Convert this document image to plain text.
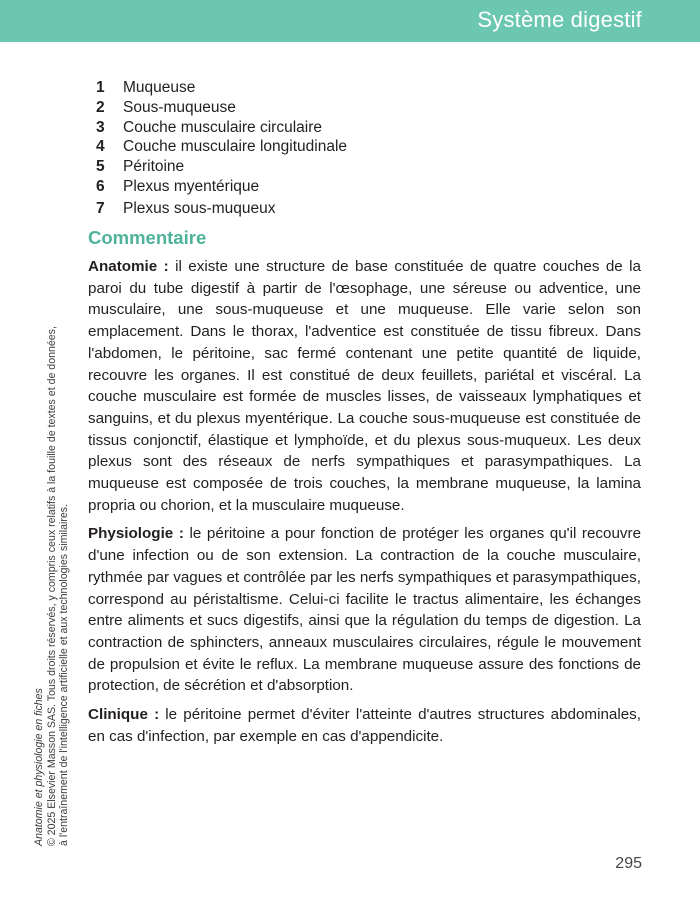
Système digestif
1	Muqueuse
2	Sous-muqueuse
3	Couche musculaire circulaire
4	Couche musculaire longitudinale
5	Péritoine
6	Plexus myentérique
7	Plexus sous-muqueux
Commentaire

Anatomie : il existe une structure de base constituée de quatre couches de la paroi du tube digestif à partir de l'œsophage, une séreuse ou adventice, une musculaire, une sous-muqueuse et une muqueuse. Elle varie selon son emplacement. Dans le thorax, l'adventice est constituée de tissu fibreux. Dans l'abdomen, le péritoine, sac fermé contenant une petite quantité de liquide, recouvre les organes. Il est constitué de deux feuillets, pariétal et viscéral. La couche musculaire est formée de muscles lisses, de vaisseaux lymphatiques et sanguins, et du plexus myentérique. La couche sous-muqueuse est constituée de tissus conjonctif, élastique et lymphoïde, et du plexus sous-muqueux. Les deux plexus sont des réseaux de nerfs sympathiques et parasympathiques. La muqueuse est composée de trois couches, la membrane muqueuse, la lamina propria ou chorion, et la musculaire muqueuse.

Physiologie : le péritoine a pour fonction de protéger les organes qu'il recouvre d'une infection ou de son extension. La contraction de la couche musculaire, rythmée par vagues et contrôlée par les nerfs sympathiques et parasympathiques, correspond au péristaltisme. Celui-ci facilite le tractus alimentaire, les échanges entre aliments et sucs digestifs, ainsi que la régulation du temps de digestion. La contraction de sphincters, anneaux musculaires circulaires, régule le mouvement de propulsion et évite le reflux. La membrane muqueuse assure des fonctions de protection, de sécrétion et d'absorption.

Clinique : le péritoine permet d'éviter l'atteinte d'autres structures abdominales, en cas d'infection, par exemple en cas d'appendicite.

Anatomie et physiologie en fiches © 2025 Elsevier Masson SAS. Tous droits réservés, y compris ceux relatifs à la fouille de textes et de données, à l'entraînement de l'intelligence artificielle et aux technologies similaires.
295
